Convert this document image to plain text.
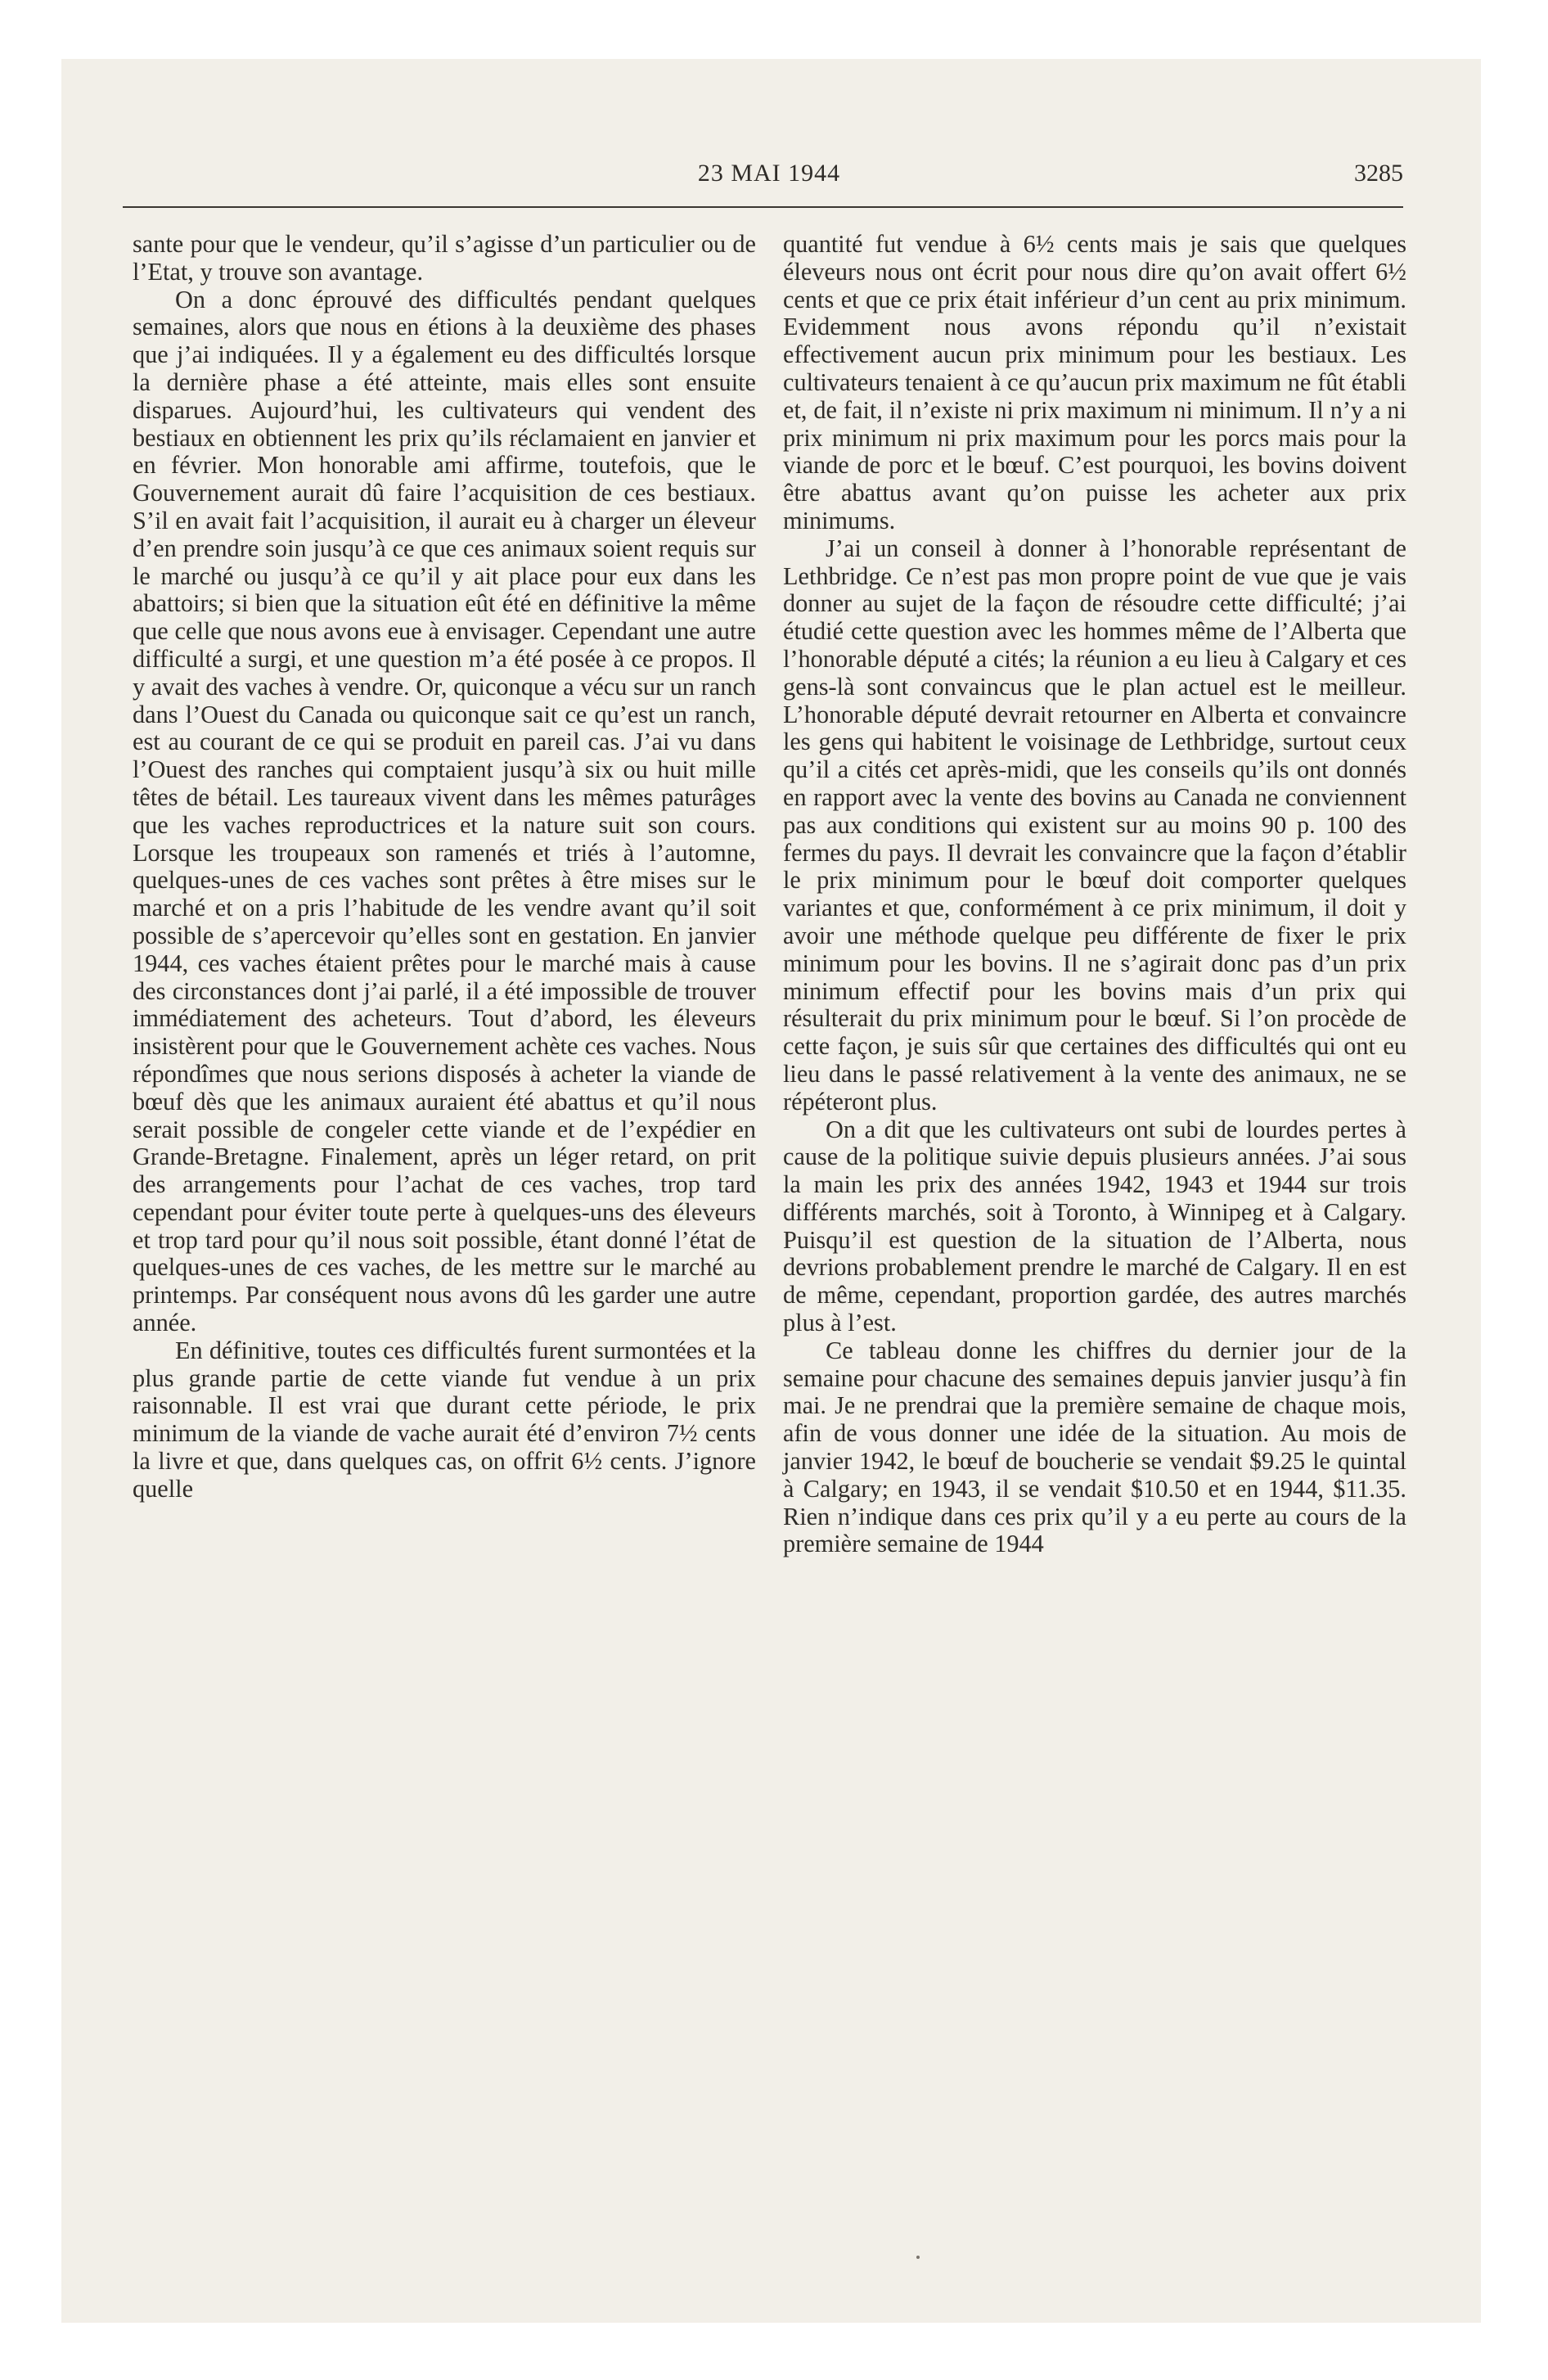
23 MAI 1944	3285

sante pour que le vendeur, qu’il s’agisse d’un particulier ou de l’Etat, y trouve son avantage.

On a donc éprouvé des difficultés pendant quelques semaines, alors que nous en étions à la deuxième des phases que j’ai indiquées. Il y a également eu des difficultés lorsque la dernière phase a été atteinte, mais elles sont ensuite disparues. Aujourd’hui, les cultivateurs qui vendent des bestiaux en obtiennent les prix qu’ils réclamaient en janvier et en février. Mon honorable ami affirme, toutefois, que le Gouvernement aurait dû faire l’acquisition de ces bestiaux. S’il en avait fait l’acquisition, il aurait eu à charger un éleveur d’en prendre soin jusqu’à ce que ces animaux soient requis sur le marché ou jusqu’à ce qu’il y ait place pour eux dans les abattoirs; si bien que la situation eût été en définitive la même que celle que nous avons eue à envisager. Cependant une autre difficulté a surgi, et une question m’a été posée à ce propos. Il y avait des vaches à vendre. Or, quiconque a vécu sur un ranch dans l’Ouest du Canada ou quiconque sait ce qu’est un ranch, est au courant de ce qui se produit en pareil cas. J’ai vu dans l’Ouest des ranches qui comptaient jusqu’à six ou huit mille têtes de bétail. Les taureaux vivent dans les mêmes paturâges que les vaches reproductrices et la nature suit son cours. Lorsque les troupeaux son ramenés et triés à l’automne, quelques-unes de ces vaches sont prêtes à être mises sur le marché et on a pris l’habitude de les vendre avant qu’il soit possible de s’apercevoir qu’elles sont en gestation. En janvier 1944, ces vaches étaient prêtes pour le marché mais à cause des circonstances dont j’ai parlé, il a été impossible de trouver immédiatement des acheteurs. Tout d’abord, les éleveurs insistèrent pour que le Gouvernement achète ces vaches. Nous répondîmes que nous serions disposés à acheter la viande de bœuf dès que les animaux auraient été abattus et qu’il nous serait possible de congeler cette viande et de l’expédier en Grande-Bretagne. Finalement, après un léger retard, on prit des arrangements pour l’achat de ces vaches, trop tard cependant pour éviter toute perte à quelques-uns des éleveurs et trop tard pour qu’il nous soit possible, étant donné l’état de quelques-unes de ces vaches, de les mettre sur le marché au printemps. Par conséquent nous avons dû les garder une autre année.

En définitive, toutes ces difficultés furent surmontées et la plus grande partie de cette viande fut vendue à un prix raisonnable. Il est vrai que durant cette période, le prix minimum de la viande de vache aurait été d’environ 7½ cents la livre et que, dans quelques cas, on offrit 6½ cents. J’ignore quelle

quantité fut vendue à 6½ cents mais je sais que quelques éleveurs nous ont écrit pour nous dire qu’on avait offert 6½ cents et que ce prix était inférieur d’un cent au prix minimum. Evidemment nous avons répondu qu’il n’existait effectivement aucun prix minimum pour les bestiaux. Les cultivateurs tenaient à ce qu’aucun prix maximum ne fût établi et, de fait, il n’existe ni prix maximum ni minimum. Il n’y a ni prix minimum ni prix maximum pour les porcs mais pour la viande de porc et le bœuf. C’est pourquoi, les bovins doivent être abattus avant qu’on puisse les acheter aux prix minimums.

J’ai un conseil à donner à l’honorable représentant de Lethbridge. Ce n’est pas mon propre point de vue que je vais donner au sujet de la façon de résoudre cette difficulté; j’ai étudié cette question avec les hommes même de l’Alberta que l’honorable député a cités; la réunion a eu lieu à Calgary et ces gens-là sont convaincus que le plan actuel est le meilleur. L’honorable député devrait retourner en Alberta et convaincre les gens qui habitent le voisinage de Lethbridge, surtout ceux qu’il a cités cet après-midi, que les conseils qu’ils ont donnés en rapport avec la vente des bovins au Canada ne conviennent pas aux conditions qui existent sur au moins 90 p. 100 des fermes du pays. Il devrait les convaincre que la façon d’établir le prix minimum pour le bœuf doit comporter quelques variantes et que, conformément à ce prix minimum, il doit y avoir une méthode quelque peu différente de fixer le prix minimum pour les bovins. Il ne s’agirait donc pas d’un prix minimum effectif pour les bovins mais d’un prix qui résulterait du prix minimum pour le bœuf. Si l’on procède de cette façon, je suis sûr que certaines des difficultés qui ont eu lieu dans le passé relativement à la vente des animaux, ne se répéteront plus.

On a dit que les cultivateurs ont subi de lourdes pertes à cause de la politique suivie depuis plusieurs années. J’ai sous la main les prix des années 1942, 1943 et 1944 sur trois différents marchés, soit à Toronto, à Winnipeg et à Calgary. Puisqu’il est question de la situation de l’Alberta, nous devrions probablement prendre le marché de Calgary. Il en est de même, cependant, proportion gardée, des autres marchés plus à l’est.

Ce tableau donne les chiffres du dernier jour de la semaine pour chacune des semaines depuis janvier jusqu’à fin mai. Je ne prendrai que la première semaine de chaque mois, afin de vous donner une idée de la situation. Au mois de janvier 1942, le bœuf de boucherie se vendait $9.25 le quintal à Calgary; en 1943, il se vendait $10.50 et en 1944, $11.35. Rien n’indique dans ces prix qu’il y a eu perte au cours de la première semaine de 1944
